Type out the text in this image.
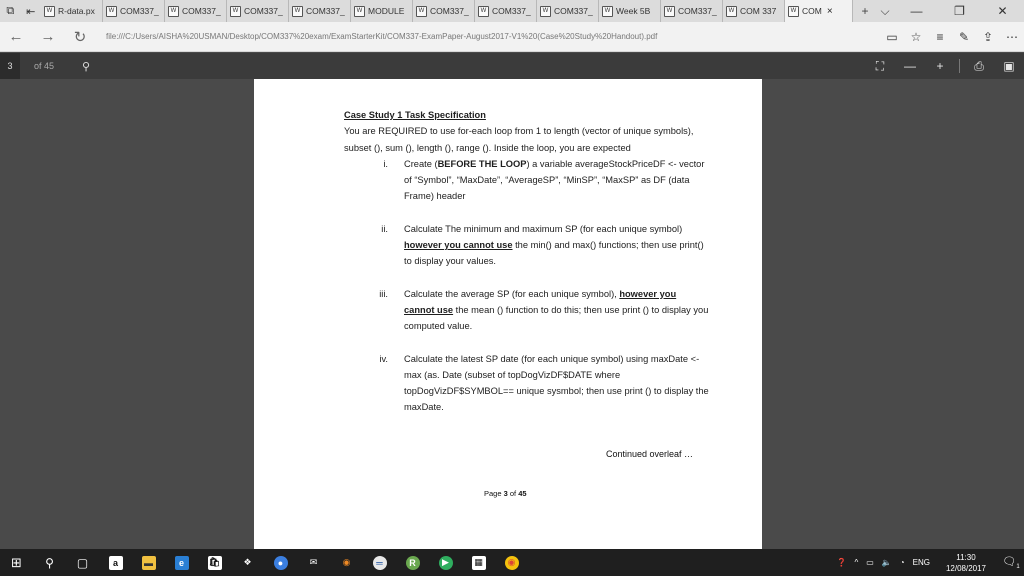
⧉	⇤	W R-data.px	W COM337_	W COM337_	W COM337_	W COM337_	W MODULE	W COM337_	W COM337_	W COM337_	W Week 5B	W COM337_	W COM 337	W COM ×	+ ⌵	—	❐	✕
←	→	↻	file:///C:/Users/AISHA%20USMAN/Desktop/COM337%20exam/ExamStarterKit/COM337-ExamPaper-August2017-V1%20(Case%20Study%20Handout).pdf	▭	☆	≡	✎	⇪	⋯
3	of 45	⚲	⛶	—	+	⎙	▣
Case Study 1 Task Specification
You are REQUIRED to use for-each loop from 1 to length (vector of unique symbols), subset (), sum (), length (), range (). Inside the loop, you are expected
i.	Create (BEFORE THE LOOP) a variable averageStockPriceDF <- vector of “Symbol”, “MaxDate”, “AverageSP”, “MinSP”, “MaxSP” as DF (data Frame) header
ii.	Calculate The minimum and maximum SP (for each unique symbol) however you cannot use the min() and max() functions; then use print() to display your values.
iii.	Calculate the average SP (for each unique symbol), however you cannot use the mean () function to do this; then use print () to display you computed value.
iv.	Calculate the latest SP date (for each unique symbol) using maxDate <- max (as. Date (subset of topDogVizDF$DATE where topDogVizDF$SYMBOL== unique sysmbol; then use print () to display the maxDate.
Continued overleaf …
Page 3 of 45
⊞	⚲	▢	a	▬	e	🛍	❖	●	✉	◉	═	R	▶	▦	◉	❓	^	▭	🔈	◔	ENG
11:30
12/08/2017
$🗨_1$
